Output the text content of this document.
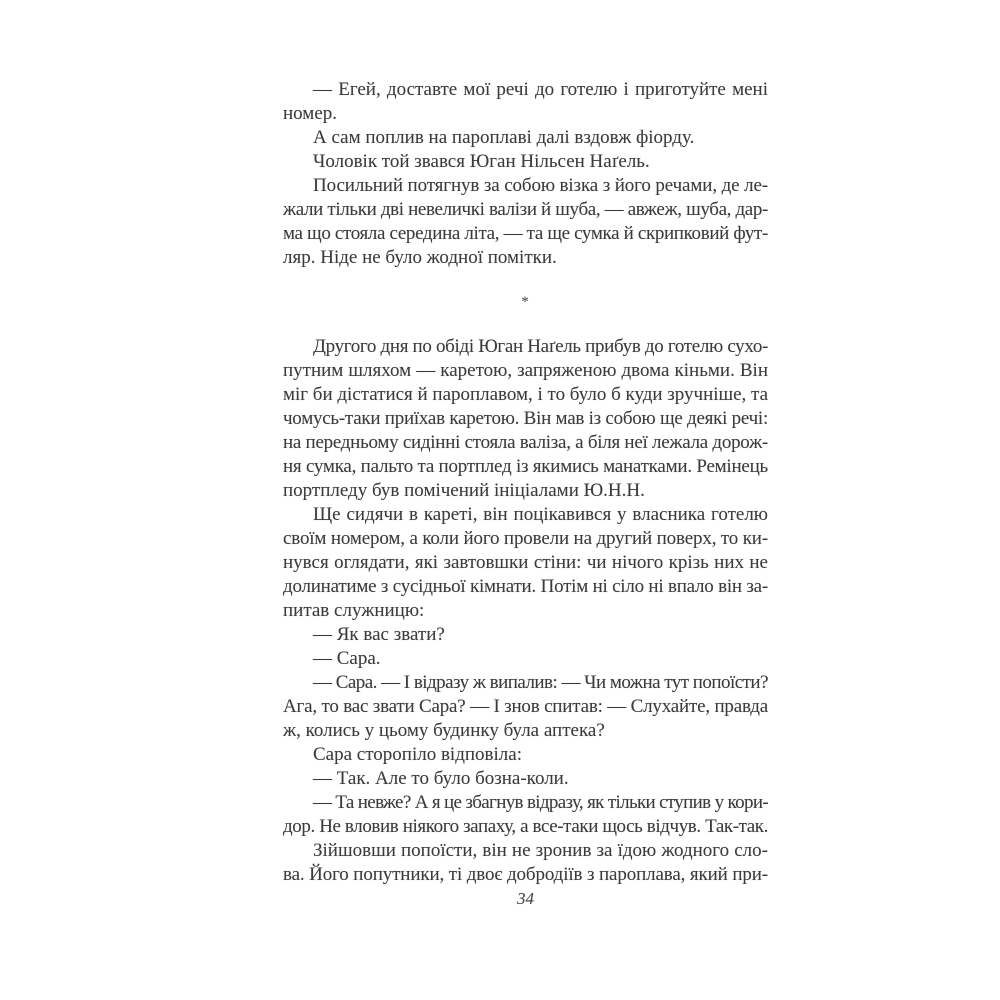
— Егей, доставте мої речі до готелю і приготуйте мені
номер.
А сам поплив на пароплаві далі вздовж фіорду.
Чоловік той звався Юган Нільсен Наґель.
Посильний потягнув за собою візка з його речами, де ле-
жали тільки дві невеличкі валізи й шуба, — авжеж, шуба, дар-
ма що стояла середина літа, — та ще сумка й скрипковий фут-
ляр. Ніде не було жодної помітки.
*
Другого дня по обіді Юган Наґель прибув до готелю сухо-
путним шляхом — каретою, запряженою двома кіньми. Він
міг би дістатися й пароплавом, і то було б куди зручніше, та
чомусь-таки приїхав каретою. Він мав із собою ще деякі речі:
на передньому сидінні стояла валіза, а біля неї лежала дорож-
ня сумка, пальто та портплед із якимись манатками. Ремінець
портпледу був помічений ініціалами Ю.Н.Н.
Ще сидячи в кареті, він поцікавився у власника готелю
своїм номером, а коли його провели на другий поверх, то ки-
нувся оглядати, які завтовшки стіни: чи нічого крізь них не
долинатиме з сусідньої кімнати. Потім ні сіло ні впало він за-
питав служницю:
— Як вас звати?
— Сара.
— Сара. — І відразу ж випалив: — Чи можна тут попоїсти?
Ага, то вас звати Сара? — І знов спитав: — Слухайте, правда
ж, колись у цьому будинку була аптека?
Сара сторопіло відповіла:
— Так. Але то було бозна-коли.
— Та невже? А я це збагнув відразу, як тільки ступив у кори-
дор. Не вловив ніякого запаху, а все-таки щось відчув. Так-так.
Зійшовши попоїсти, він не зронив за їдою жодного сло-
ва. Його попутники, ті двоє добродіїв з пароплава, який при-
34
